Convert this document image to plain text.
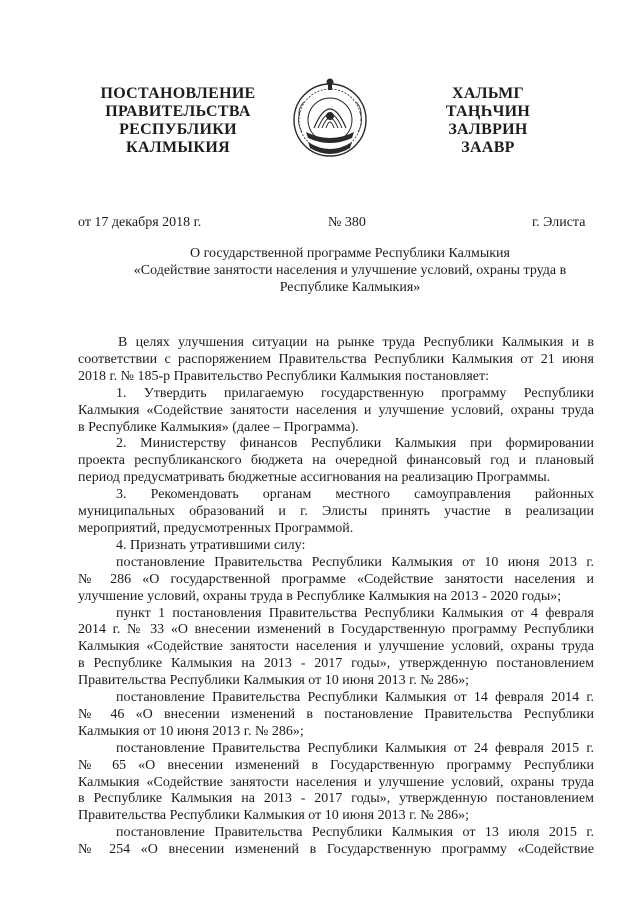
ПОСТАНОВЛЕНИЕ
ПРАВИТЕЛЬСТВА
РЕСПУБЛИКИ
КАЛМЫКИЯ
ХАЛЬМГ
ТАҢҺЧИН
ЗАЛВРИН
ЗААВР
от 17 декабря 2018 г.	№ 380	г. Элиста
О государственной программе Республики Калмыкия
«Содействие занятости населения и улучшение условий, охраны труда в
Республике Калмыкия»
В целях улучшения ситуации на рынке труда Республики Калмыкия и в
соответствии с распоряжением Правительства Республики Калмыкия от 21 июня
2018 г. № 185-р Правительство Республики Калмыкия постановляет:
1. Утвердить прилагаемую государственную программу Республики
Калмыкия «Содействие занятости населения и улучшение условий, охраны труда
в Республике Калмыкия» (далее – Программа).
2. Министерству финансов Республики Калмыкия при формировании
проекта республиканского бюджета на очередной финансовый год и плановый
период предусматривать бюджетные ассигнования на реализацию Программы.
3. Рекомендовать органам местного самоуправления районных
муниципальных образований и г. Элисты принять участие в реализации
мероприятий, предусмотренных Программой.
4. Признать утратившими силу:
постановление Правительства Республики Калмыкия от 10 июня 2013 г.
№ 286 «О государственной программе «Содействие занятости населения и
улучшение условий, охраны труда в Республике Калмыкия на 2013 - 2020 годы»;
пункт 1 постановления Правительства Республики Калмыкия от 4 февраля
2014 г. № 33 «О внесении изменений в Государственную программу Республики
Калмыкия «Содействие занятости населения и улучшение условий, охраны труда
в Республике Калмыкия на 2013 - 2017 годы», утвержденную постановлением
Правительства Республики Калмыкия от 10 июня 2013 г. № 286»;
постановление Правительства Республики Калмыкия от 14 февраля 2014 г.
№ 46 «О внесении изменений в постановление Правительства Республики
Калмыкия от 10 июня 2013 г. № 286»;
постановление Правительства Республики Калмыкия от 24 февраля 2015 г.
№ 65 «О внесении изменений в Государственную программу Республики
Калмыкия «Содействие занятости населения и улучшение условий, охраны труда
в Республике Калмыкия на 2013 - 2017 годы», утвержденную постановлением
Правительства Республики Калмыкия от 10 июня 2013 г. № 286»;
постановление Правительства Республики Калмыкия от 13 июля 2015 г.
№ 254 «О внесении изменений в Государственную программу «Содействие
